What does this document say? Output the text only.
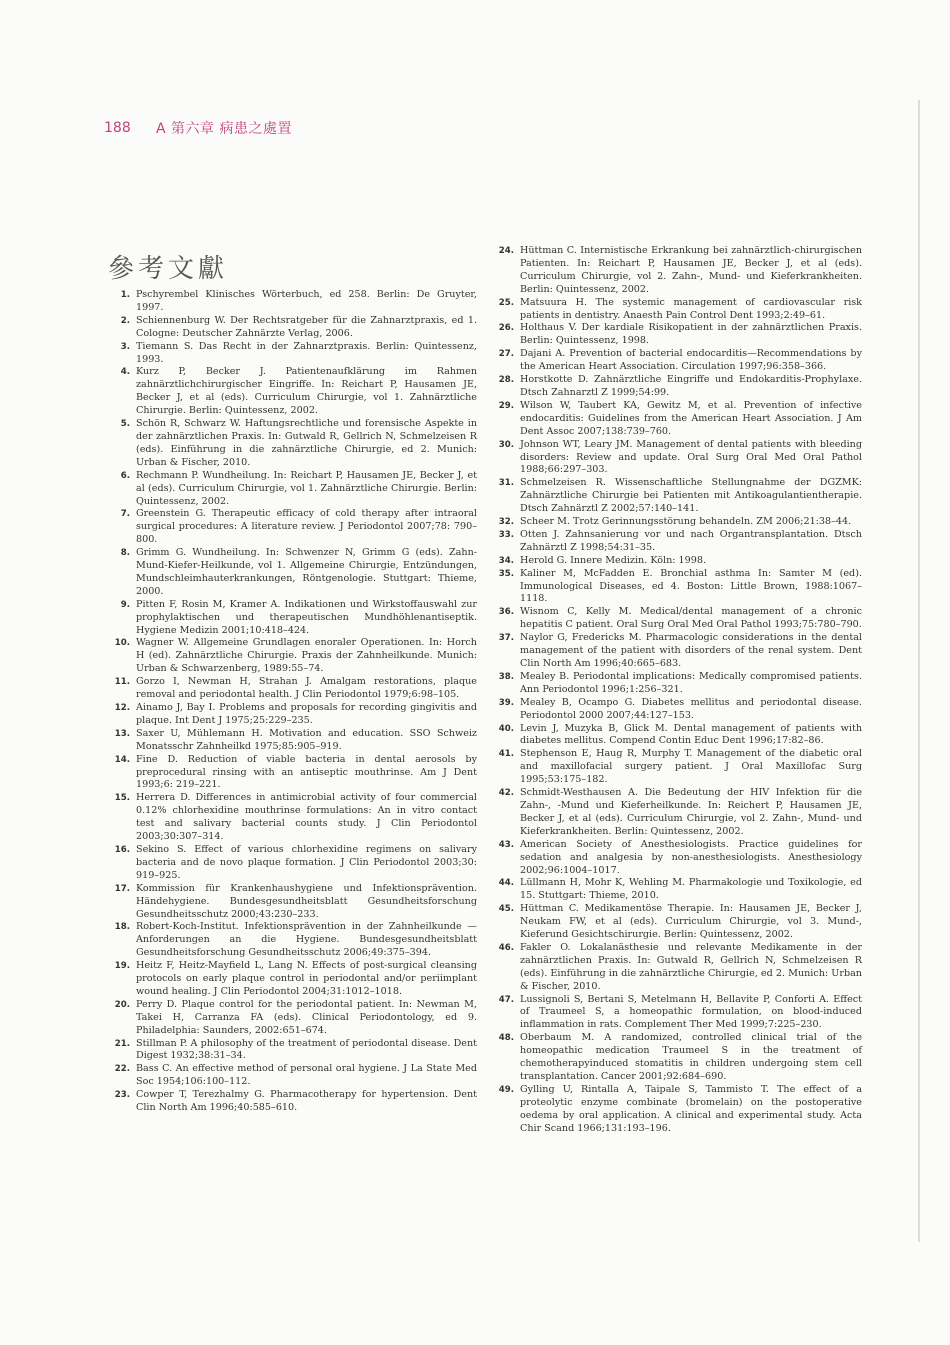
188	A 第六章 病患之處置
參考文獻
1. Pschyrembel Klinisches Wörterbuch, ed 258. Berlin: De Gruyter, 1997.
2. Schiennenburg W. Der Rechtsratgeber für die Zahnarztpraxis, ed 1. Cologne: Deutscher Zahnärzte Verlag, 2006.
3. Tiemann S. Das Recht in der Zahnarztpraxis. Berlin: Quintessenz, 1993.
4. Kurz P, Becker J. Patientenaufklärung im Rahmen zahnärztlichchirurgischer Eingriffe. In: Reichart P, Hausamen JE, Becker J, et al (eds). Curriculum Chirurgie, vol 1. Zahnärztliche Chirurgie. Berlin: Quintessenz, 2002.
5. Schön R, Schwarz W. Haftungsrechtliche und forensische Aspekte in der zahnärztlichen Praxis. In: Gutwald R, Gellrich N, Schmelzeisen R (eds). Einführung in die zahnärztliche Chirurgie, ed 2. Munich: Urban & Fischer, 2010.
6. Rechmann P. Wundheilung. In: Reichart P, Hausamen JE, Becker J, et al (eds). Curriculum Chirurgie, vol 1. Zahnärztliche Chirurgie. Berlin: Quintessenz, 2002.
7. Greenstein G. Therapeutic efficacy of cold therapy after intraoral surgical procedures: A literature review. J Periodontol 2007;78: 790–800.
8. Grimm G. Wundheilung. In: Schwenzer N, Grimm G (eds). Zahn-Mund-Kiefer-Heilkunde, vol 1. Allgemeine Chirurgie, Entzündungen, Mundschleimhauterkrankungen, Röntgenologie. Stuttgart: Thieme, 2000.
9. Pitten F, Rosin M, Kramer A. Indikationen und Wirkstoffauswahl zur prophylaktischen und therapeutischen Mundhöhlenantiseptik. Hygiene Medizin 2001;10:418–424.
10. Wagner W. Allgemeine Grundlagen enoraler Operationen. In: Horch H (ed). Zahnärztliche Chirurgie. Praxis der Zahnheilkunde. Munich: Urban & Schwarzenberg, 1989:55–74.
11. Gorzo I, Newman H, Strahan J. Amalgam restorations, plaque removal and periodontal health. J Clin Periodontol 1979;6:98–105.
12. Ainamo J, Bay I. Problems and proposals for recording gingivitis and plaque. Int Dent J 1975;25:229–235.
13. Saxer U, Mühlemann H. Motivation and education. SSO Schweiz Monatsschr Zahnheilkd 1975;85:905–919.
14. Fine D. Reduction of viable bacteria in dental aerosols by preprocedural rinsing with an antiseptic mouthrinse. Am J Dent 1993;6: 219–221.
15. Herrera D. Differences in antimicrobial activity of four commercial 0.12% chlorhexidine mouthrinse formulations: An in vitro contact test and salivary bacterial counts study. J Clin Periodontol 2003;30:307–314.
16. Sekino S. Effect of various chlorhexidine regimens on salivary bacteria and de novo plaque formation. J Clin Periodontol 2003;30: 919–925.
17. Kommission für Krankenhaushygiene und Infektionsprävention. Händehygiene. Bundesgesundheitsblatt Gesundheitsforschung Gesundheitsschutz 2000;43:230–233.
18. Robert-Koch-Institut. Infektionsprävention in der Zahnheilkunde —Anforderungen an die Hygiene. Bundesgesundheitsblatt Gesundheitsforschung Gesundheitsschutz 2006;49:375–394.
19. Heitz F, Heitz-Mayfield L, Lang N. Effects of post-surgical cleansing protocols on early plaque control in periodontal and/or periimplant wound healing. J Clin Periodontol 2004;31:1012–1018.
20. Perry D. Plaque control for the periodontal patient. In: Newman M, Takei H, Carranza FA (eds). Clinical Periodontology, ed 9. Philadelphia: Saunders, 2002:651–674.
21. Stillman P. A philosophy of the treatment of periodontal disease. Dent Digest 1932;38:31–34.
22. Bass C. An effective method of personal oral hygiene. J La State Med Soc 1954;106:100–112.
23. Cowper T, Terezhalmy G. Pharmacotherapy for hypertension. Dent Clin North Am 1996;40:585–610.
24. Hüttman C. Internistische Erkrankung bei zahnärztlich-chirurgischen Patienten. In: Reichart P, Hausamen JE, Becker J, et al (eds). Curriculum Chirurgie, vol 2. Zahn-, Mund- und Kieferkrankheiten. Berlin: Quintessenz, 2002.
25. Matsuura H. The systemic management of cardiovascular risk patients in dentistry. Anaesth Pain Control Dent 1993;2:49–61.
26. Holthaus V. Der kardiale Risikopatient in der zahnärztlichen Praxis. Berlin: Quintessenz, 1998.
27. Dajani A. Prevention of bacterial endocarditis—Recommendations by the American Heart Association. Circulation 1997;96:358–366.
28. Horstkotte D. Zahnärztliche Eingriffe und Endokarditis-Prophylaxe. Dtsch Zahnarztl Z 1999;54:99.
29. Wilson W, Taubert KA, Gewitz M, et al. Prevention of infective endocarditis: Guidelines from the American Heart Association. J Am Dent Assoc 2007;138:739–760.
30. Johnson WT, Leary JM. Management of dental patients with bleeding disorders: Review and update. Oral Surg Oral Med Oral Pathol 1988;66:297–303.
31. Schmelzeisen R. Wissenschaftliche Stellungnahme der DGZMK: Zahnärztliche Chirurgie bei Patienten mit Antikoagulantientherapie. Dtsch Zahnärztl Z 2002;57:140–141.
32. Scheer M. Trotz Gerinnungsstörung behandeln. ZM 2006;21:38–44.
33. Otten J. Zahnsanierung vor und nach Organtransplantation. Dtsch Zahnärztl Z 1998;54:31–35.
34. Herold G. Innere Medizin. Köln: 1998.
35. Kaliner M, McFadden E. Bronchial asthma In: Samter M (ed). Immunological Diseases, ed 4. Boston: Little Brown, 1988:1067–1118.
36. Wisnom C, Kelly M. Medical/dental management of a chronic hepatitis C patient. Oral Surg Oral Med Oral Pathol 1993;75:780–790.
37. Naylor G, Fredericks M. Pharmacologic considerations in the dental management of the patient with disorders of the renal system. Dent Clin North Am 1996;40:665–683.
38. Mealey B. Periodontal implications: Medically compromised patients. Ann Periodontol 1996;1:256–321.
39. Mealey B, Ocampo G. Diabetes mellitus and periodontal disease. Periodontol 2000 2007;44:127–153.
40. Levin J, Muzyka B, Glick M. Dental management of patients with diabetes mellitus. Compend Contin Educ Dent 1996;17:82–86.
41. Stephenson E, Haug R, Murphy T. Management of the diabetic oral and maxillofacial surgery patient. J Oral Maxillofac Surg 1995;53:175–182.
42. Schmidt-Westhausen A. Die Bedeutung der HIV Infektion für die Zahn-, -Mund und Kieferheilkunde. In: Reichert P, Hausamen JE, Becker J, et al (eds). Curriculum Chirurgie, vol 2. Zahn-, Mund- und Kieferkrankheiten. Berlin: Quintessenz, 2002.
43. American Society of Anesthesiologists. Practice guidelines for sedation and analgesia by non-anesthesiologists. Anesthesiology 2002;96:1004–1017.
44. Lüllmann H, Mohr K, Wehling M. Pharmakologie und Toxikologie, ed 15. Stuttgart: Thieme, 2010.
45. Hüttman C. Medikamentöse Therapie. In: Hausamen JE, Becker J, Neukam FW, et al (eds). Curriculum Chirurgie, vol 3. Mund-, Kieferund Gesichtschirurgie. Berlin: Quintessenz, 2002.
46. Fakler O. Lokalanästhesie und relevante Medikamente in der zahnärztlichen Praxis. In: Gutwald R, Gellrich N, Schmelzeisen R (eds). Einführung in die zahnärztliche Chirurgie, ed 2. Munich: Urban & Fischer, 2010.
47. Lussignoli S, Bertani S, Metelmann H, Bellavite P, Conforti A. Effect of Traumeel S, a homeopathic formulation, on blood-induced inflammation in rats. Complement Ther Med 1999;7:225–230.
48. Oberbaum M. A randomized, controlled clinical trial of the homeopathic medication Traumeel S in the treatment of chemotherapyinduced stomatitis in children undergoing stem cell transplantation. Cancer 2001;92:684–690.
49. Gylling U, Rintalla A, Taipale S, Tammisto T. The effect of a proteolytic enzyme combinate (bromelain) on the postoperative oedema by oral application. A clinical and experimental study. Acta Chir Scand 1966;131:193–196.
